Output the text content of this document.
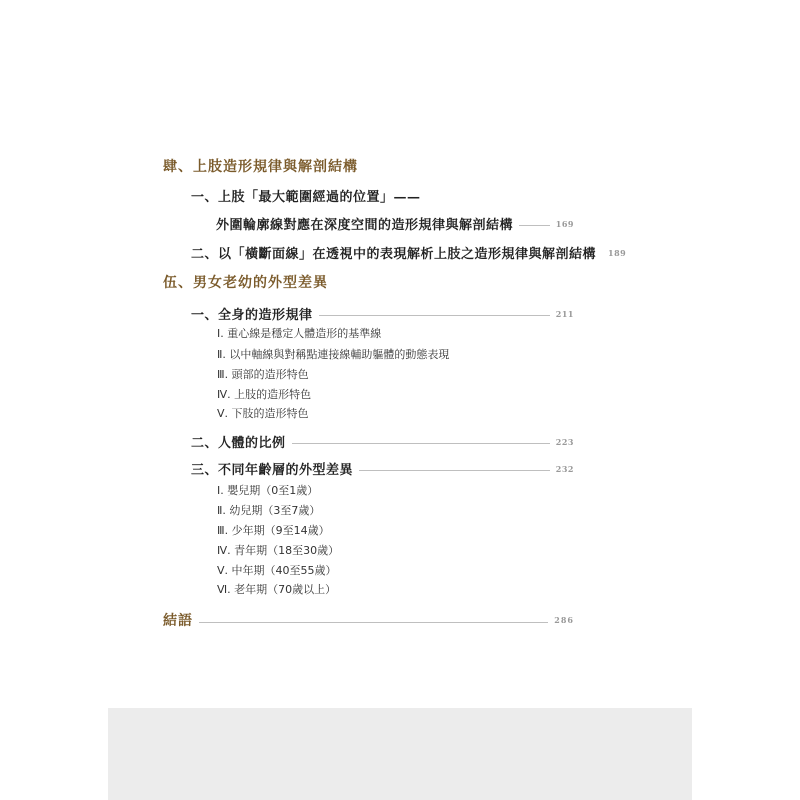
肆、上肢造形規律與解剖結構
一、上肢「最大範圍經過的位置」——
外圍輪廓線對應在深度空間的造形規律與解剖結構	169
二、以「橫斷面線」在透視中的表現解析上肢之造形規律與解剖結構 189
伍、男女老幼的外型差異
一、全身的造形規律	211
Ⅰ. 重心線是穩定人體造形的基準線
Ⅱ. 以中軸線與對稱點連接線輔助軀體的動態表現
Ⅲ. 頭部的造形特色
Ⅳ. 上肢的造形特色
Ⅴ. 下肢的造形特色
二、人體的比例	223
三、不同年齡層的外型差異	232
Ⅰ. 嬰兒期（0至1歲）
Ⅱ. 幼兒期（3至7歲）
Ⅲ. 少年期（9至14歲）
Ⅳ. 青年期（18至30歲）
Ⅴ. 中年期（40至55歲）
Ⅵ. 老年期（70歲以上）
結語	286
